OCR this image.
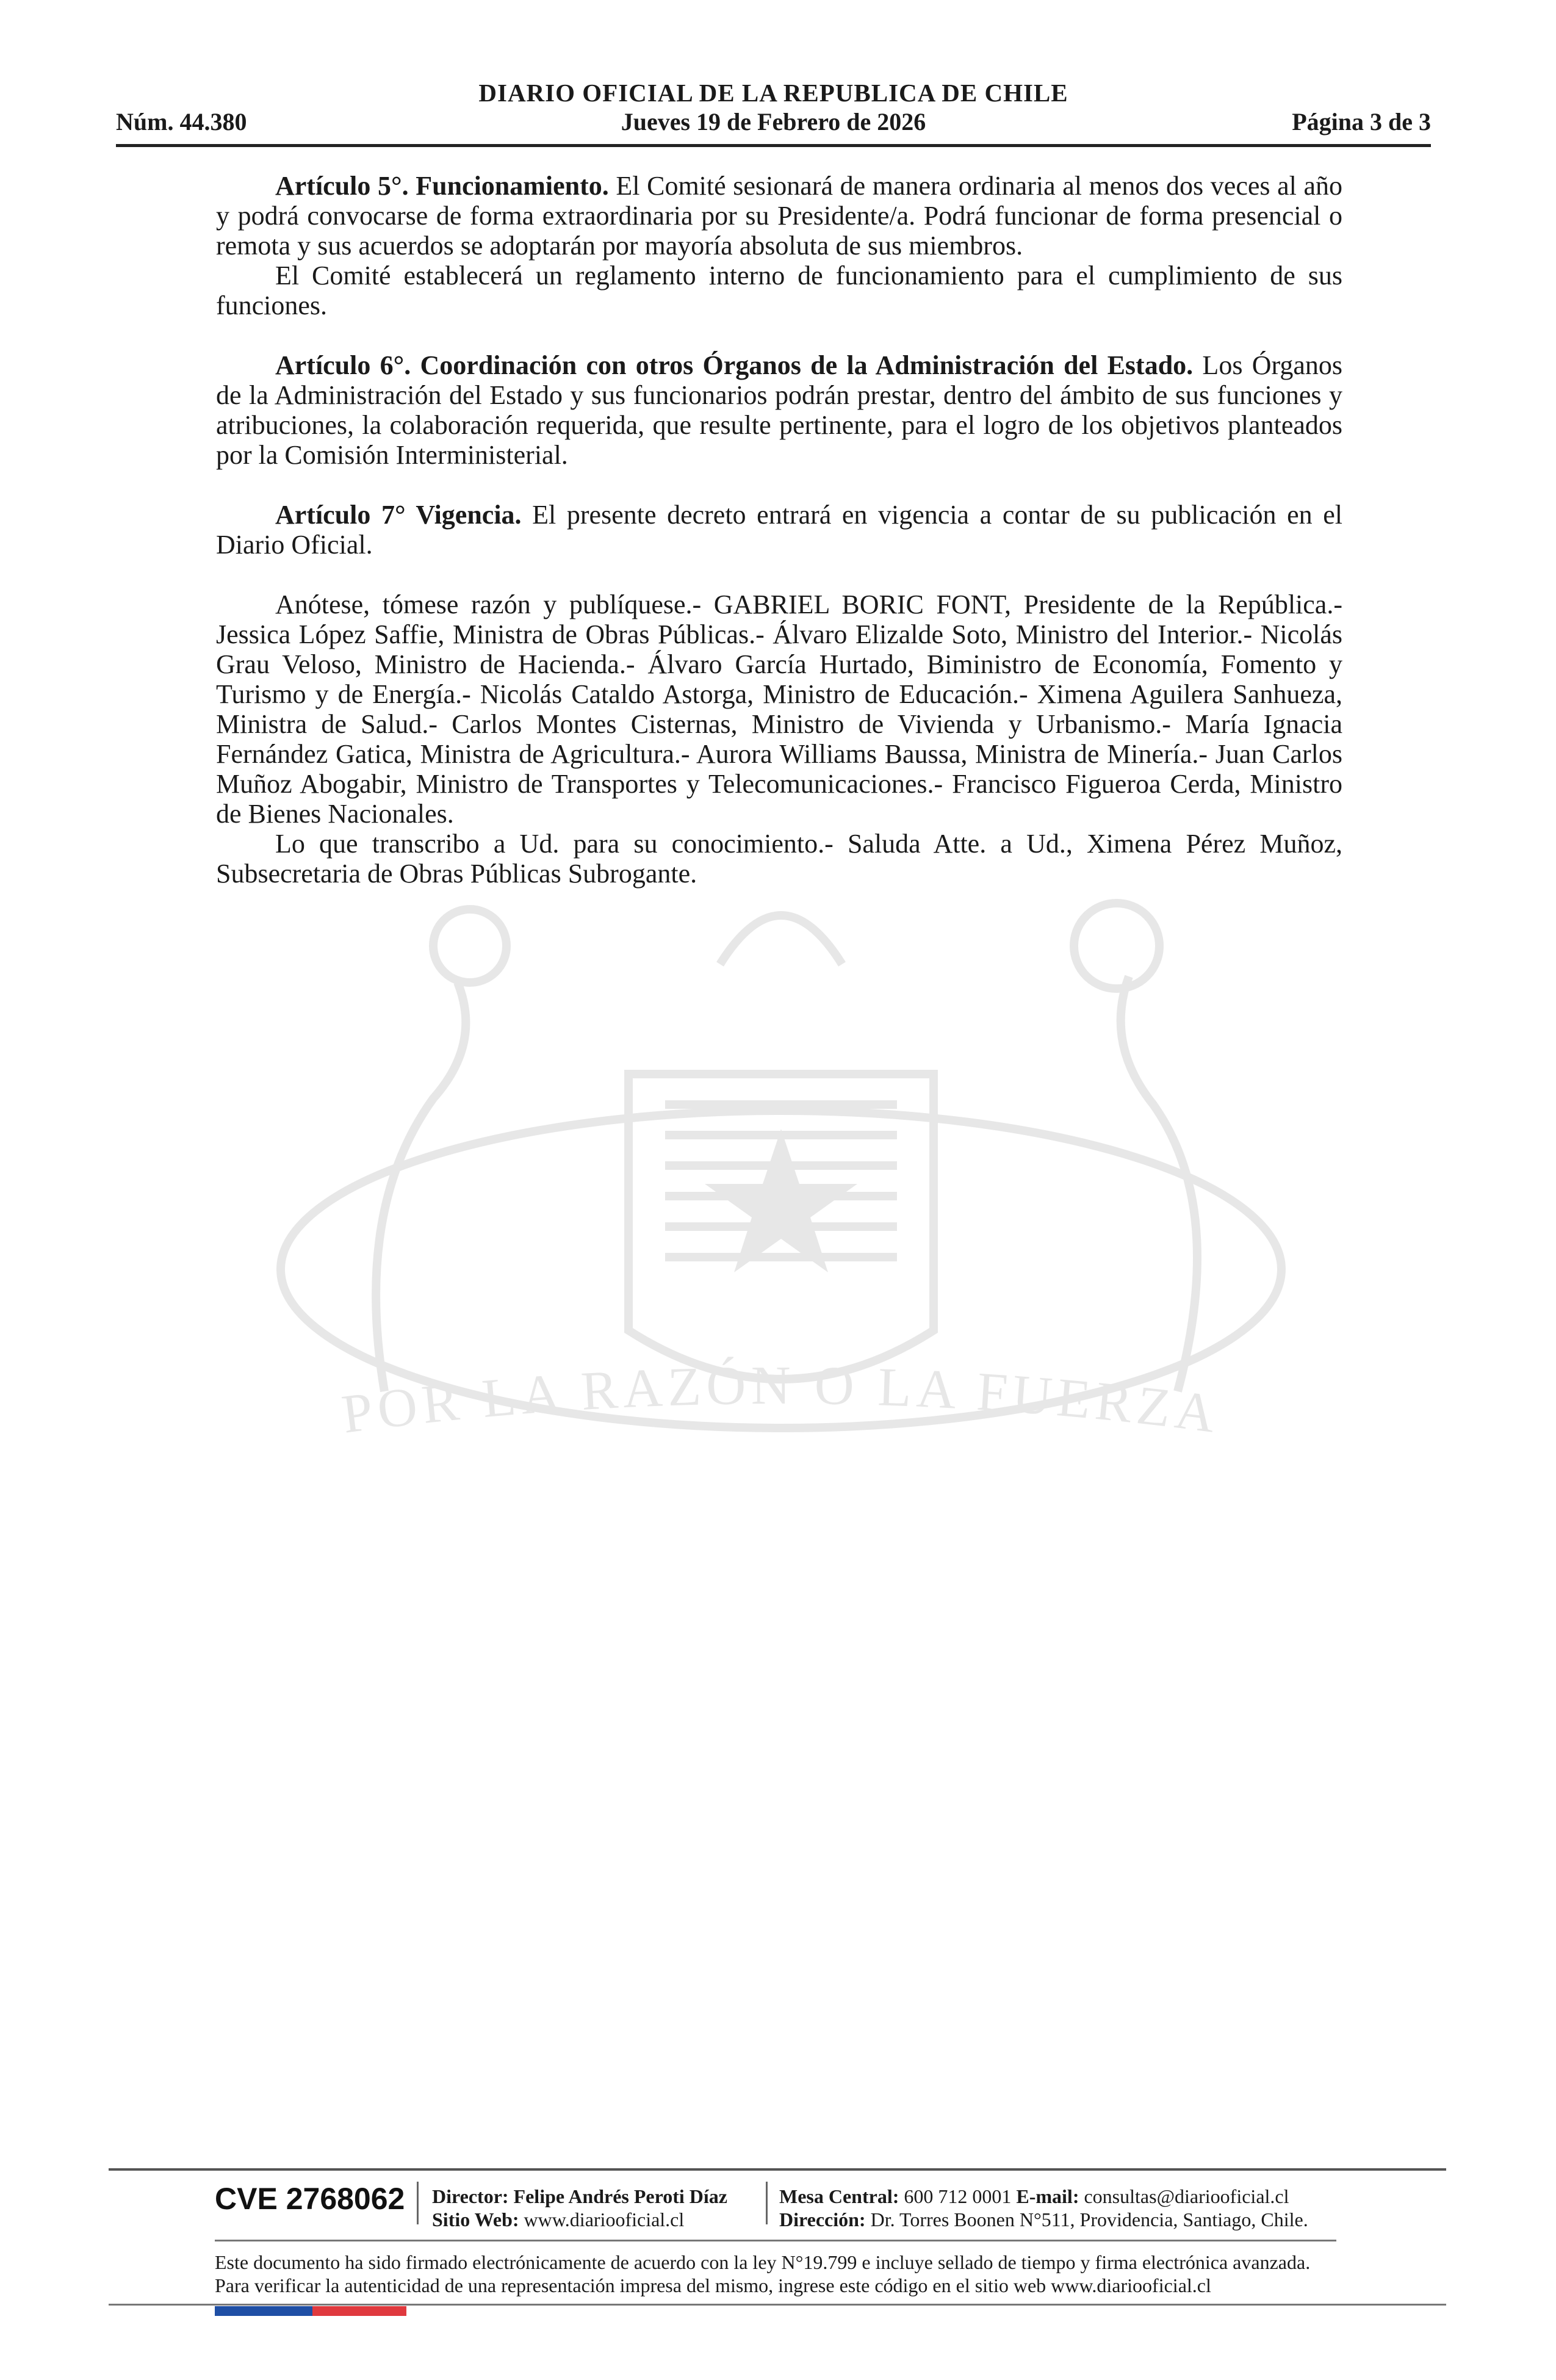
POR LA RAZÓN O LA FUERZA
DIARIO OFICIAL DE LA REPUBLICA DE CHILE
Núm. 44.380	Jueves 19 de Febrero de 2026	Página 3 de 3

Artículo 5°. Funcionamiento. El Comité sesionará de manera ordinaria al menos dos veces al año y podrá convocarse de forma extraordinaria por su Presidente/a. Podrá funcionar de forma presencial o remota y sus acuerdos se adoptarán por mayoría absoluta de sus miembros.

El Comité establecerá un reglamento interno de funcionamiento para el cumplimiento de sus funciones.

Artículo 6°. Coordinación con otros Órganos de la Administración del Estado. Los Órganos de la Administración del Estado y sus funcionarios podrán prestar, dentro del ámbito de sus funciones y atribuciones, la colaboración requerida, que resulte pertinente, para el logro de los objetivos planteados por la Comisión Interministerial.

Artículo 7° Vigencia. El presente decreto entrará en vigencia a contar de su publicación en el Diario Oficial.

Anótese, tómese razón y publíquese.- GABRIEL BORIC FONT, Presidente de la República.- Jessica López Saffie, Ministra de Obras Públicas.- Álvaro Elizalde Soto, Ministro del Interior.- Nicolás Grau Veloso, Ministro de Hacienda.- Álvaro García Hurtado, Biministro de Economía, Fomento y Turismo y de Energía.- Nicolás Cataldo Astorga, Ministro de Educación.- Ximena Aguilera Sanhueza, Ministra de Salud.- Carlos Montes Cisternas, Ministro de Vivienda y Urbanismo.- María Ignacia Fernández Gatica, Ministra de Agricultura.- Aurora Williams Baussa, Ministra de Minería.- Juan Carlos Muñoz Abogabir, Ministro de Transportes y Telecomunicaciones.- Francisco Figueroa Cerda, Ministro de Bienes Nacionales.

Lo que transcribo a Ud. para su conocimiento.- Saluda Atte. a Ud., Ximena Pérez Muñoz, Subsecretaria de Obras Públicas Subrogante.

CVE 2768062 Director: Felipe Andrés Peroti Díaz
Sitio Web: www.diariooficial.cl
Mesa Central: 600 712 0001 E-mail: consultas@diariooficial.cl
Dirección: Dr. Torres Boonen N°511, Providencia, Santiago, Chile.
Este documento ha sido firmado electrónicamente de acuerdo con la ley N°19.799 e incluye sellado de tiempo y firma electrónica avanzada. Para verificar la autenticidad de una representación impresa del mismo, ingrese este código en el sitio web www.diariooficial.cl
